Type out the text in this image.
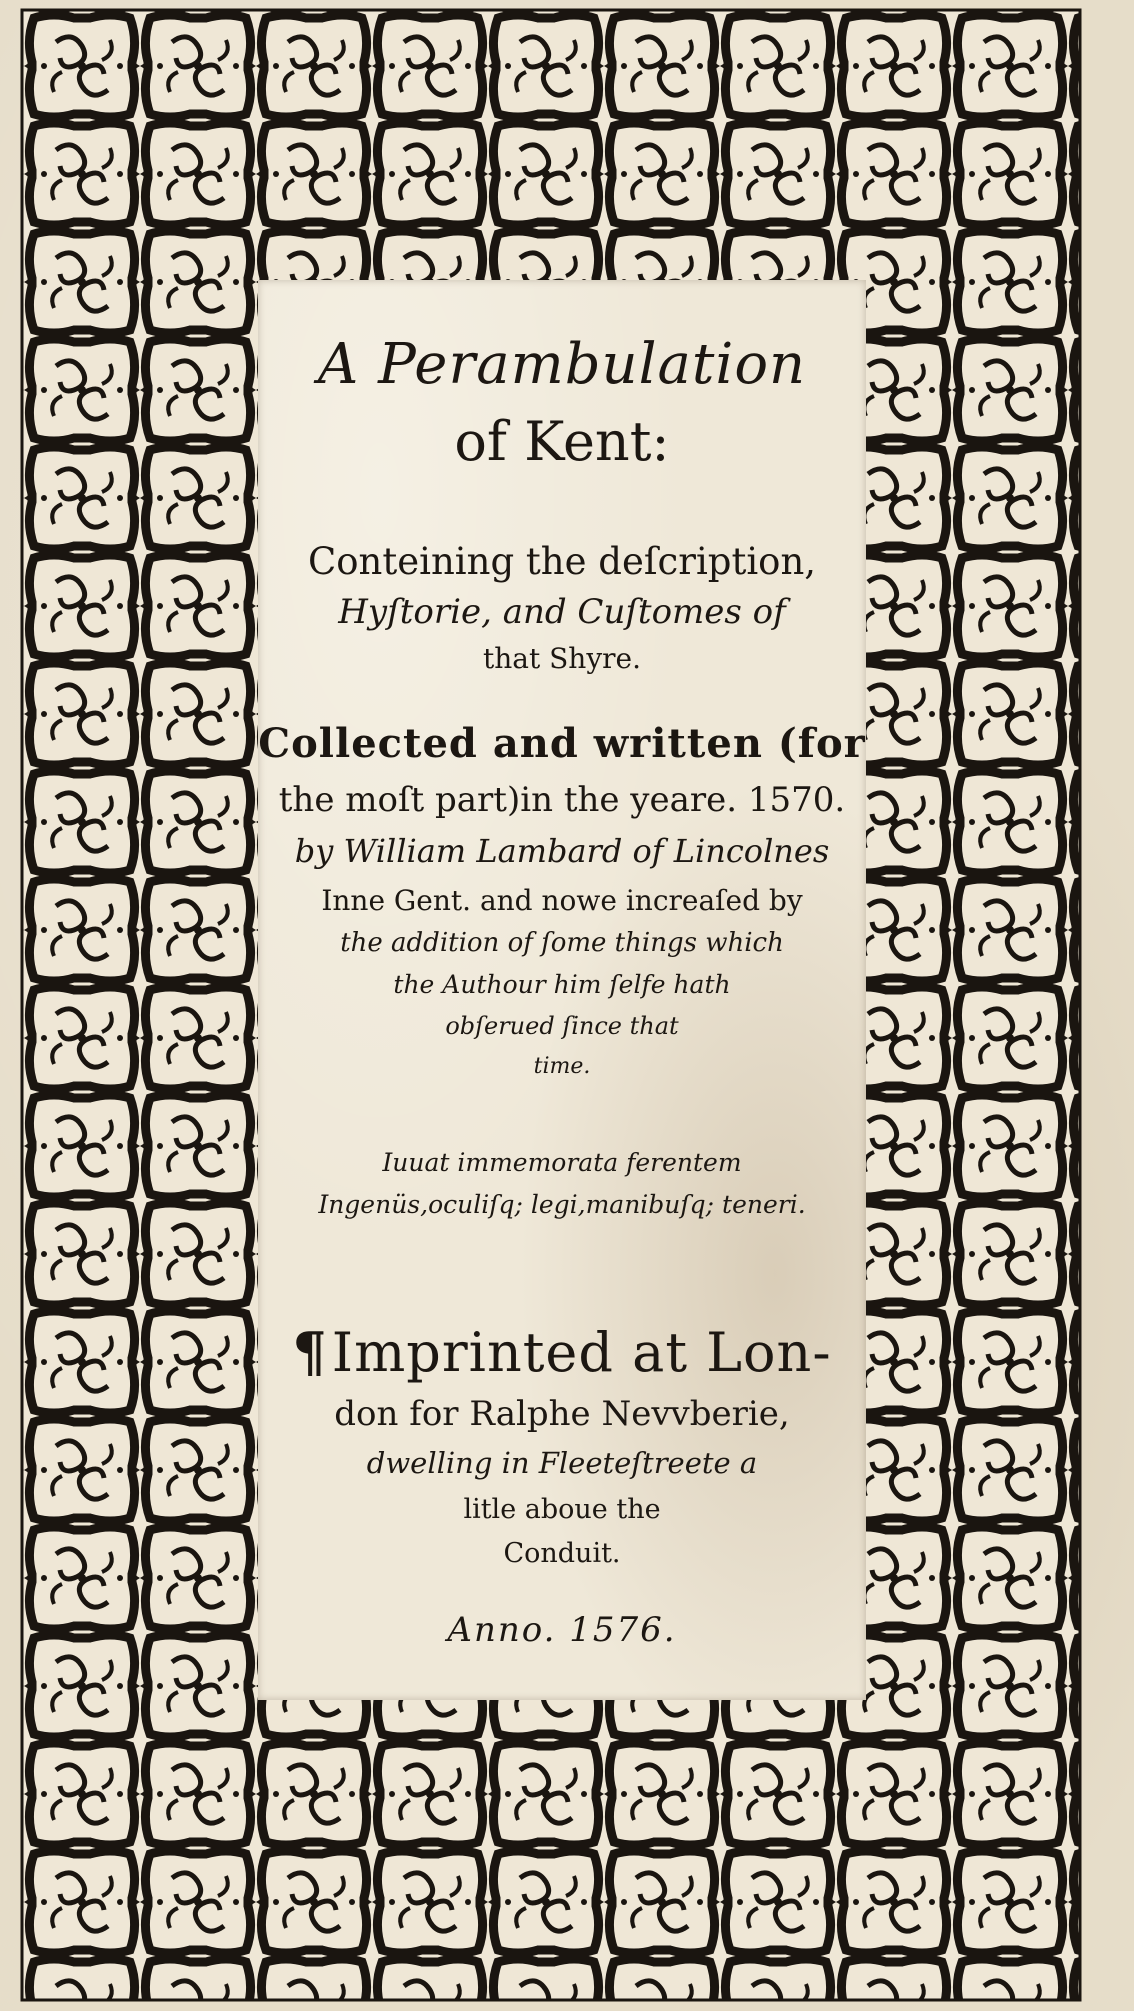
A Perambulation
of Kent:
Conteining the deſcription,
Hyſtorie, and Cuſtomes of
that Shyre.
Collected and written (for
the moſt part)in the yeare. 1570.
by William Lambard of Lincolnes
Inne Gent. and nowe increaſed by
the addition of ſome things which
the Authour him ſelfe hath
obſerued ſince that
time.
Iuuat immemorata ferentem
Ingenüs,oculiſq; legi,manibuſq; teneri.
¶Imprinted at Lon-
don for Ralphe Nevvberie,
dwelling in Fleeteſtreete a
litle aboue the
Conduit.
Anno. 1576.
